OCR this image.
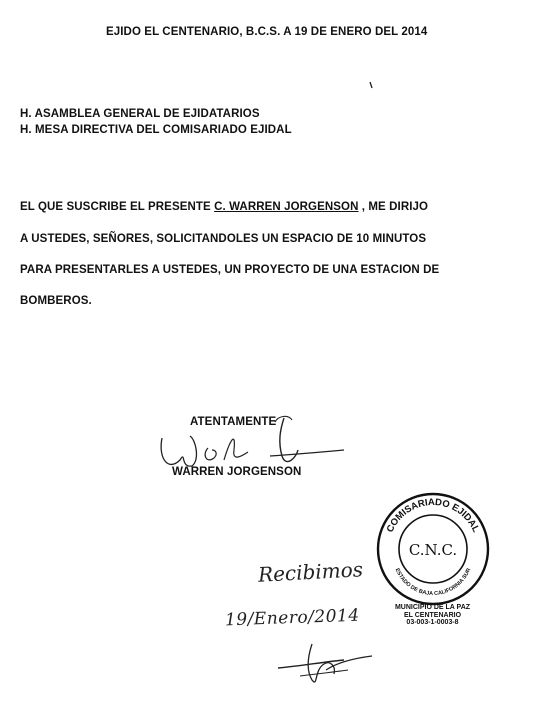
EJIDO EL CENTENARIO, B.C.S. A 19 DE ENERO DEL 2014
H. ASAMBLEA GENERAL DE EJIDATARIOS
H. MESA DIRECTIVA DEL COMISARIADO EJIDAL
EL QUE SUSCRIBE EL PRESENTE C. WARREN JORGENSON , ME DIRIJO
A USTEDES, SEÑORES, SOLICITANDOLES UN ESPACIO DE 10 MINUTOS
PARA PRESENTARLES A USTEDES, UN PROYECTO DE UNA ESTACION DE
BOMBEROS.
ATENTAMENTE
WARREN JORGENSON
COMISARIADO EJIDAL
ESTADO DE BAJA CALIFORNIA SUR
C.N.C.
MUNICIPIO DE LA PAZ
EL CENTENARIO
03-003-1-0003-8
Recibimos
19/Enero/2014
